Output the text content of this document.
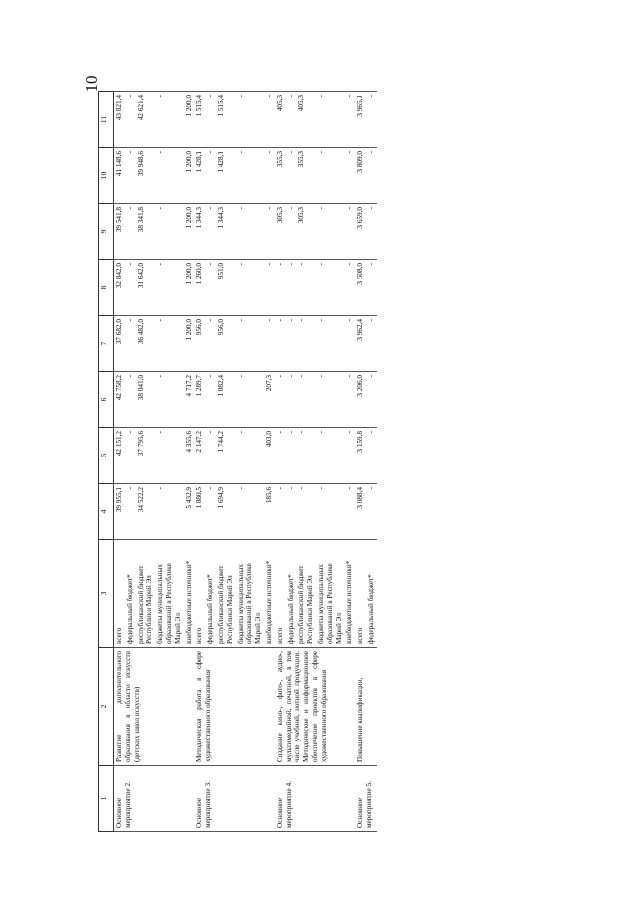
10
1	2	3	4	5	6	7	8	9	10	11
Основное мероприятие 2.	Развитие дополнительного образования в области искусств (детских школ искусств)	всего	39 955,1	42 151,2	42 758,2	37 682,0	32 842,0	39 541,8	41 148,6	43 821,4
		федеральный бюджет*	-	-	-	-	-	-	-	-
		республиканский бюджет Республики Марий Эл	34 522,2	37 795,6	38 041,0	36 482,0	31 642,0	38 341,8	39 948,6	42 621,4
		бюджеты муниципальных образований в Республике Марий Эл	-	-	-	-	-	-	-	-
		внебюджетные источники*	5 432,9	4 355,6	4 717,2	1 200,0	1 200,0	1 200,0	1 200,0	1 200,0
Основное мероприятие 3.	Методическая работа в сфере художественного образования	всего	1 880,5	2 147,2	1 289,7	956,0	1 260,0	1 344,3	1 428,1	1 515,4
		федеральный бюджет*	-	-	-	-	-	-	-	-
		республиканский бюджет Республики Марий Эл	1 694,9	1 744,2	1 082,4	956,0	951,0	1 344,3	1 428,1	1 515,4
		бюджеты муниципальных образований в Республике Марий Эл	-	-	-	-	-	-	-	-
		внебюджетные источники*	185,6	403,0	207,3	-	-	-	-	-
Основное мероприятие 4.	Создание кино-, фото-, аудио-, мультимедийной, печатной, в том числе учебной, нотной продукции. Методическое и информационное обеспечение проектов в сфере художественного образования	всего	-	-	-	-	-	305,3	355,3	405,3
		федеральный бюджет*	-	-	-	-	-	-	-	-
		республиканский бюджет Республики Марий Эл	-	-	-	-	-	305,3	355,3	405,3
		бюджеты муниципальных образований в Республике Марий Эл	-	-	-	-	-	-	-	-
		внебюджетные источники*	-	-	-	-	-	-	-	-
Основное мероприятие 5.	Повышение квалификации,	всего	3 088,4	3 159,8	3 206,0	3 962,4	3 508,0	3 659,0	3 809,0	3 965,1
		федеральный бюджет*	-	-	-	-	-	-	-	-
